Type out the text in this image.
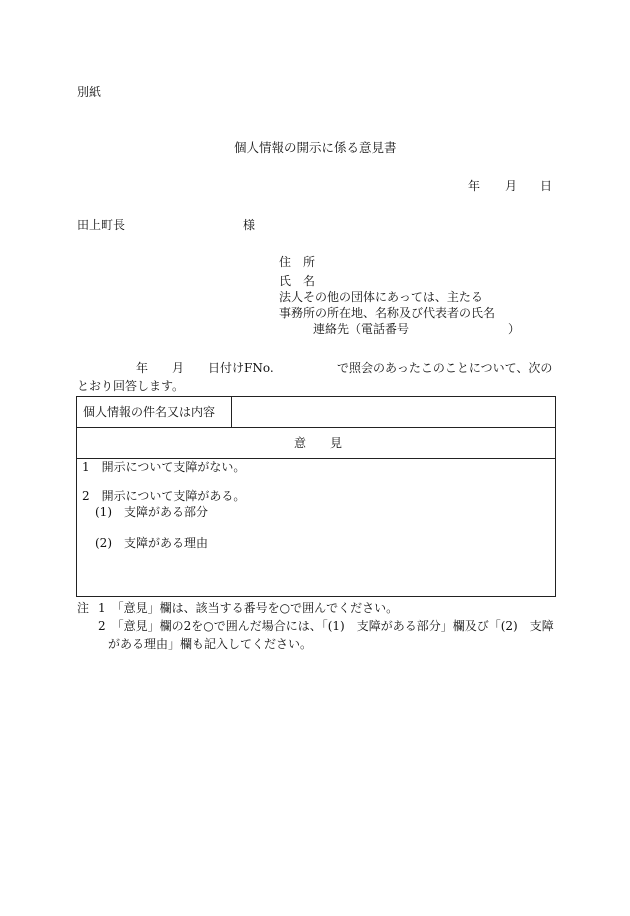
別紙
個人情報の開示に係る意見書
年 月 日
田上町長	様
住　所
氏　名
法人その他の団体にあっては、主たる
事務所の所在地、名称及び代表者の氏名
連絡先（電話番号	）
年 月 日付けFNo.	で照会のあったこのことについて、次の
とおり回答します。
個人情報の件名又は内容
意　　見
1　開示について支障がない。
2　開示について支障がある。
(1)　支障がある部分
(2)　支障がある理由
注 1　「意見」欄は、該当する番号を○で囲んでください。
2　「意見」欄の2を○で囲んだ場合には、「(1)　支障がある部分」欄及び「(2)　支障
がある理由」欄も記入してください。
